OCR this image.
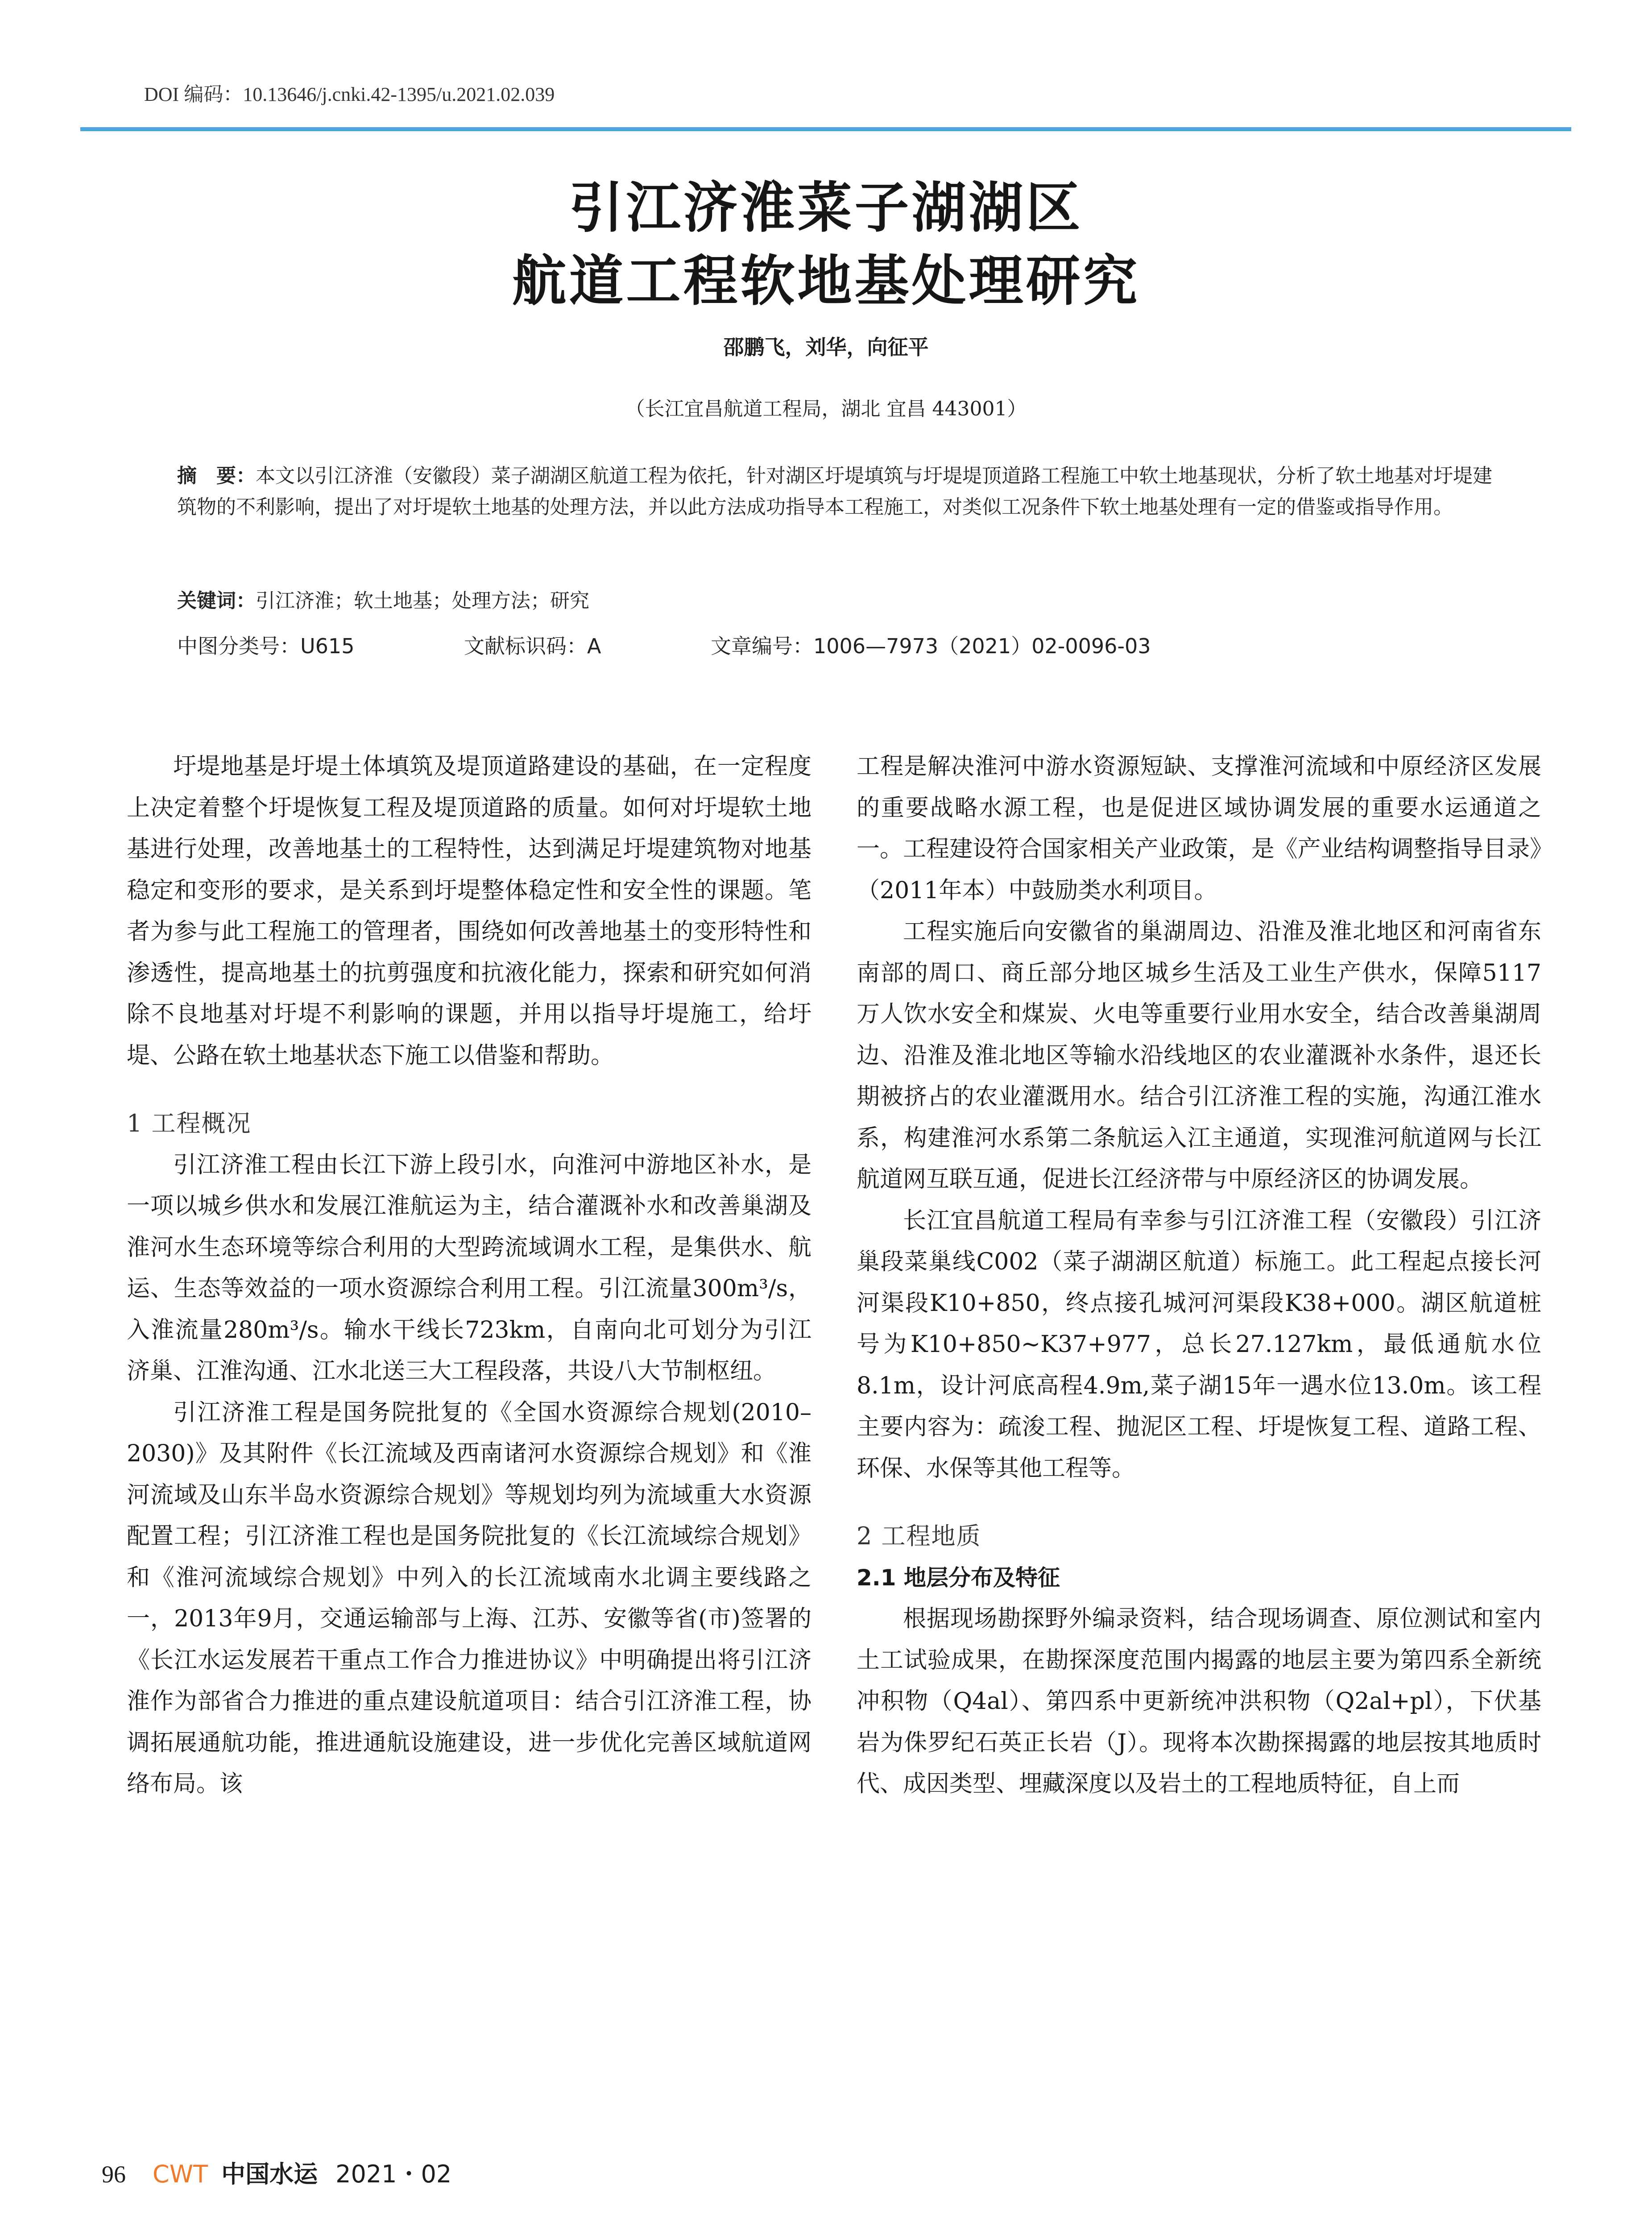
DOI 编码：10.13646/j.cnki.42-1395/u.2021.02.039
引江济淮菜子湖湖区
航道工程软地基处理研究
邵鹏飞，刘华，向征平
（长江宜昌航道工程局，湖北 宜昌 443001）
摘　要：本文以引江济淮（安徽段）菜子湖湖区航道工程为依托，针对湖区圩堤填筑与圩堤堤顶道路工程施工中软土地基现状，分析了软土地基对圩堤建筑物的不利影响，提出了对圩堤软土地基的处理方法，并以此方法成功指导本工程施工，对类似工况条件下软土地基处理有一定的借鉴或指导作用。
关键词：引江济淮；软土地基；处理方法；研究
中图分类号：U615	文献标识码：A	文章编号：1006—7973（2021）02-0096-03

圩堤地基是圩堤土体填筑及堤顶道路建设的基础，在一定程度上决定着整个圩堤恢复工程及堤顶道路的质量。如何对圩堤软土地基进行处理，改善地基土的工程特性，达到满足圩堤建筑物对地基稳定和变形的要求，是关系到圩堤整体稳定性和安全性的课题。笔者为参与此工程施工的管理者，围绕如何改善地基土的变形特性和渗透性，提高地基土的抗剪强度和抗液化能力，探索和研究如何消除不良地基对圩堤不利影响的课题，并用以指导圩堤施工，给圩堤、公路在软土地基状态下施工以借鉴和帮助。

1 工程概况

引江济淮工程由长江下游上段引水，向淮河中游地区补水，是一项以城乡供水和发展江淮航运为主，结合灌溉补水和改善巢湖及淮河水生态环境等综合利用的大型跨流域调水工程，是集供水、航运、生态等效益的一项水资源综合利用工程。引江流量300m³/s，入淮流量280m³/s。输水干线长723km，自南向北可划分为引江济巢、江淮沟通、江水北送三大工程段落，共设八大节制枢纽。

引江济淮工程是国务院批复的《全国水资源综合规划(2010–2030)》及其附件《长江流域及西南诸河水资源综合规划》和《淮河流域及山东半岛水资源综合规划》等规划均列为流域重大水资源配置工程；引江济淮工程也是国务院批复的《长江流域综合规划》和《淮河流域综合规划》中列入的长江流域南水北调主要线路之一，2013年9月，交通运输部与上海、江苏、安徽等省(市)签署的《长江水运发展若干重点工作合力推进协议》中明确提出将引江济淮作为部省合力推进的重点建设航道项目：结合引江济淮工程，协调拓展通航功能，推进通航设施建设，进一步优化完善区域航道网络布局。该

工程是解决淮河中游水资源短缺、支撑淮河流域和中原经济区发展的重要战略水源工程，也是促进区域协调发展的重要水运通道之一。工程建设符合国家相关产业政策，是《产业结构调整指导目录》（2011年本）中鼓励类水利项目。

工程实施后向安徽省的巢湖周边、沿淮及淮北地区和河南省东南部的周口、商丘部分地区城乡生活及工业生产供水，保障5117万人饮水安全和煤炭、火电等重要行业用水安全，结合改善巢湖周边、沿淮及淮北地区等输水沿线地区的农业灌溉补水条件，退还长期被挤占的农业灌溉用水。结合引江济淮工程的实施，沟通江淮水系，构建淮河水系第二条航运入江主通道，实现淮河航道网与长江航道网互联互通，促进长江经济带与中原经济区的协调发展。

长江宜昌航道工程局有幸参与引江济淮工程（安徽段）引江济巢段菜巢线C002（菜子湖湖区航道）标施工。此工程起点接长河河渠段K10+850，终点接孔城河河渠段K38+000。湖区航道桩号为K10+850~K37+977，总长27.127km，最低通航水位8.1m，设计河底高程4.9m,菜子湖15年一遇水位13.0m。该工程主要内容为：疏浚工程、抛泥区工程、圩堤恢复工程、道路工程、环保、水保等其他工程等。

2 工程地质
2.1 地层分布及特征

根据现场勘探野外编录资料，结合现场调查、原位测试和室内土工试验成果，在勘探深度范围内揭露的地层主要为第四系全新统冲积物（Q4al）、第四系中更新统冲洪积物（Q2al+pl），下伏基岩为侏罗纪石英正长岩（J）。现将本次勘探揭露的地层按其地质时代、成因类型、埋藏深度以及岩土的工程地质特征，自上而

96 CWT 中国水运 2021・02
